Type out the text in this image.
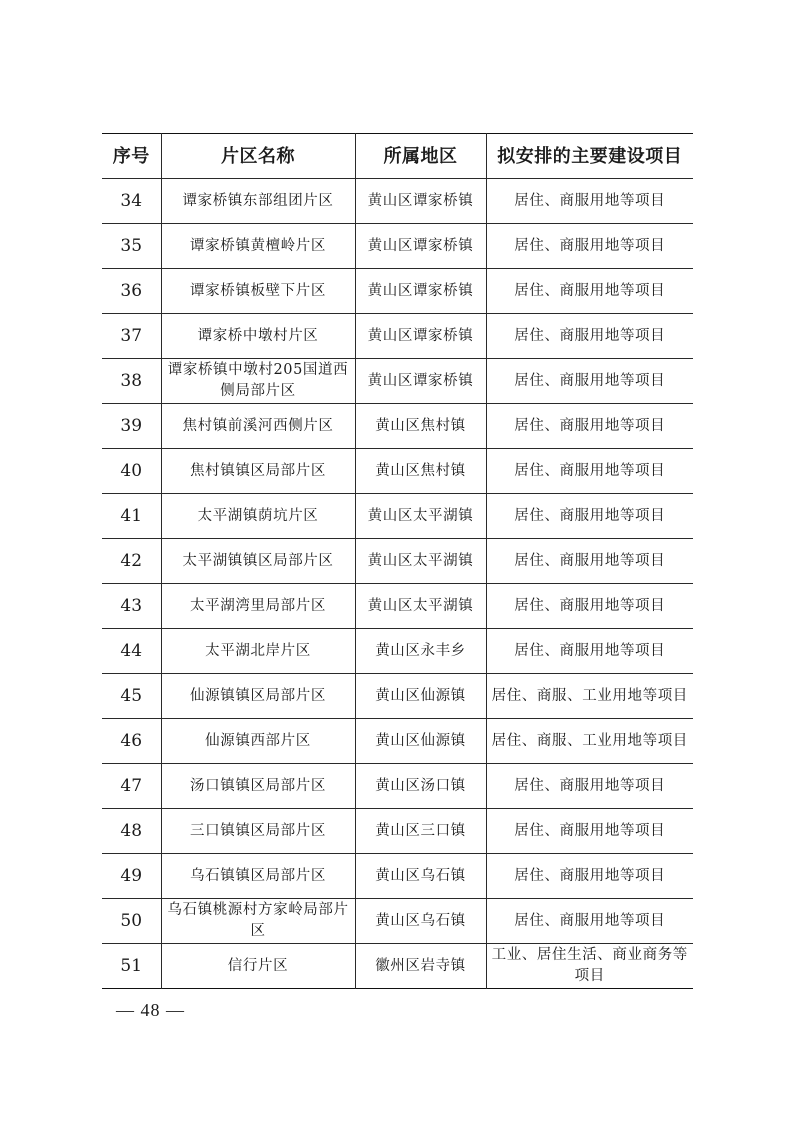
序号	片区名称	所属地区	拟安排的主要建设项目
34	谭家桥镇东部组团片区	黄山区谭家桥镇	居住、商服用地等项目
35	谭家桥镇黄檀岭片区	黄山区谭家桥镇	居住、商服用地等项目
36	谭家桥镇板壁下片区	黄山区谭家桥镇	居住、商服用地等项目
37	谭家桥中墩村片区	黄山区谭家桥镇	居住、商服用地等项目
38	谭家桥镇中墩村205国道西侧局部片区	黄山区谭家桥镇	居住、商服用地等项目
39	焦村镇前溪河西侧片区	黄山区焦村镇	居住、商服用地等项目
40	焦村镇镇区局部片区	黄山区焦村镇	居住、商服用地等项目
41	太平湖镇荫坑片区	黄山区太平湖镇	居住、商服用地等项目
42	太平湖镇镇区局部片区	黄山区太平湖镇	居住、商服用地等项目
43	太平湖湾里局部片区	黄山区太平湖镇	居住、商服用地等项目
44	太平湖北岸片区	黄山区永丰乡	居住、商服用地等项目
45	仙源镇镇区局部片区	黄山区仙源镇	居住、商服、工业用地等项目
46	仙源镇西部片区	黄山区仙源镇	居住、商服、工业用地等项目
47	汤口镇镇区局部片区	黄山区汤口镇	居住、商服用地等项目
48	三口镇镇区局部片区	黄山区三口镇	居住、商服用地等项目
49	乌石镇镇区局部片区	黄山区乌石镇	居住、商服用地等项目
50	乌石镇桃源村方家岭局部片区	黄山区乌石镇	居住、商服用地等项目
51	信行片区	徽州区岩寺镇	工业、居住生活、商业商务等项目
— 48 —
